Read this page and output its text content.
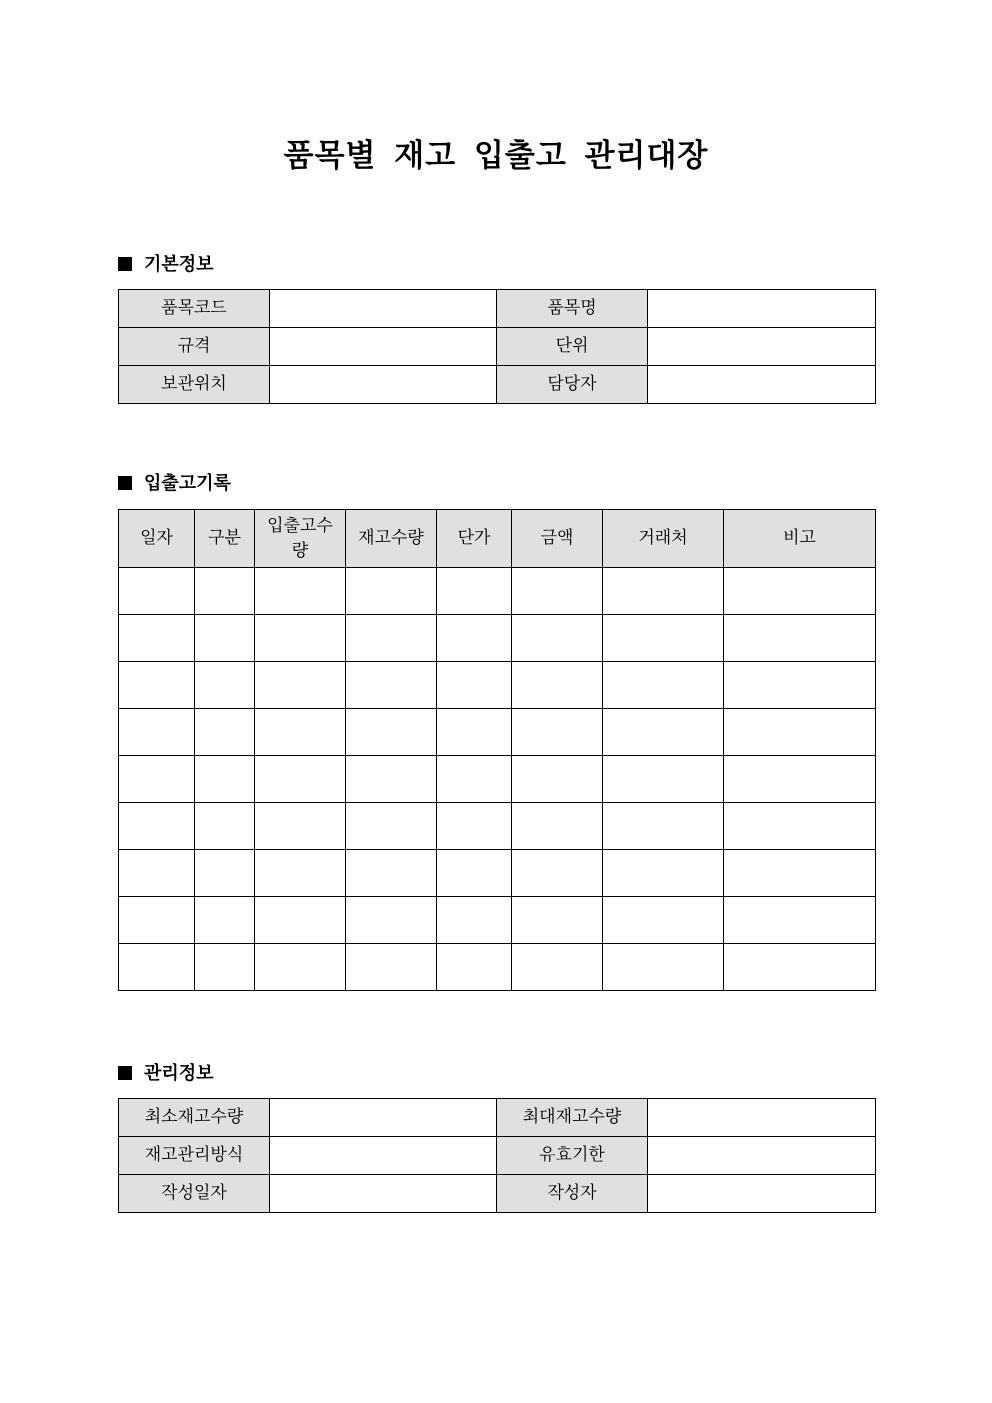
품목별 재고 입출고 관리대장
기본정보
품목코드		품목명	
규격		단위	
보관위치		담당자	
입출고기록
일자	구분	입출고수량	재고수량	단가	금액	거래처	비고

관리정보
최소재고수량		최대재고수량	
재고관리방식		유효기한	
작성일자		작성자	
